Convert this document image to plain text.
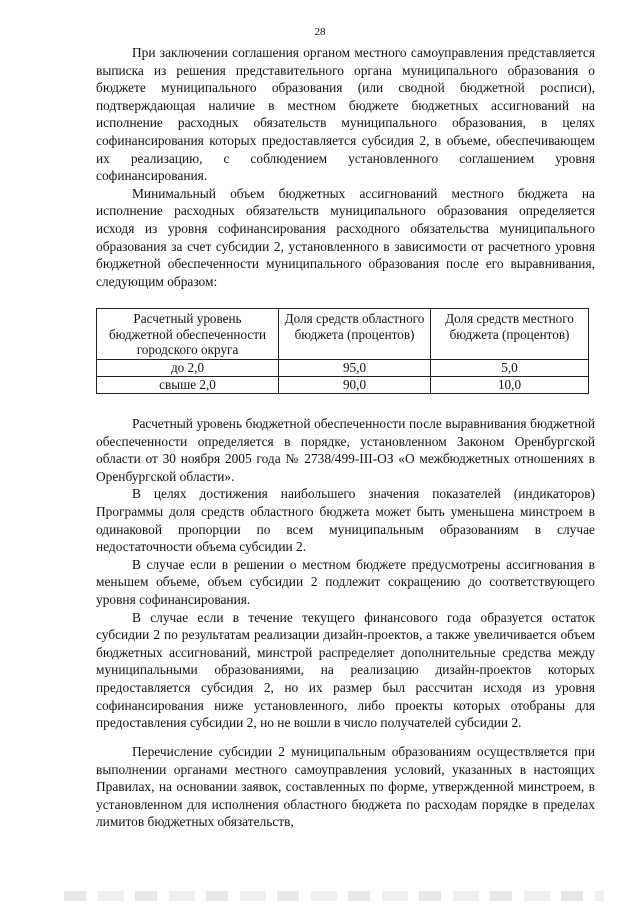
28

При заключении соглашения органом местного самоуправления представляется выписка из решения представительного органа муниципального образования о бюджете муниципального образования (или сводной бюджетной росписи), подтверждающая наличие в местном бюджете бюджетных ассигнований на исполнение расходных обязательств муниципального образования, в целях софинансирования которых предоставляется субсидия 2, в объеме, обеспечивающем их реализацию, с соблюдением установленного соглашением уровня софинансирования.

Минимальный объем бюджетных ассигнований местного бюджета на исполнение расходных обязательств муниципального образования определяется исходя из уровня софинансирования расходного обязательства муниципального образования за счет субсидии 2, установленного в зависимости от расчетного уровня бюджетной обеспеченности муниципального образования после его выравнивания, следующим образом:

Расчетный уровень бюджетной обеспеченности городского округа	Доля средств областного бюджета (процентов)	Доля средств местного бюджета (процентов)
до 2,0	95,0	5,0
свыше 2,0	90,0	10,0

Расчетный уровень бюджетной обеспеченности после выравнивания бюджетной обеспеченности определяется в порядке, установленном Законом Оренбургской области от 30 ноября 2005 года № 2738/499-III-ОЗ «О межбюджетных отношениях в Оренбургской области».

В целях достижения наибольшего значения показателей (индикаторов) Программы доля средств областного бюджета может быть уменьшена минстроем в одинаковой пропорции по всем муниципальным образованиям в случае недостаточности объема субсидии 2.

В случае если в решении о местном бюджете предусмотрены ассигнования в меньшем объеме, объем субсидии 2 подлежит сокращению до соответствующего уровня софинансирования.

В случае если в течение текущего финансового года образуется остаток субсидии 2 по результатам реализации дизайн-проектов, а также увеличивается объем бюджетных ассигнований, минстрой распределяет дополнительные средства между муниципальными образованиями, на реализацию дизайн-проектов которых предоставляется субсидия 2, но их размер был рассчитан исходя из уровня софинансирования ниже установленного, либо проекты которых отобраны для предоставления субсидии 2, но не вошли в число получателей субсидии 2.

Перечисление субсидии 2 муниципальным образованиям осуществляется при выполнении органами местного самоуправления условий, указанных в настоящих Правилах, на основании заявок, составленных по форме, утвержденной минстроем, в установленном для исполнения областного бюджета по расходам порядке в пределах лимитов бюджетных обязательств,
